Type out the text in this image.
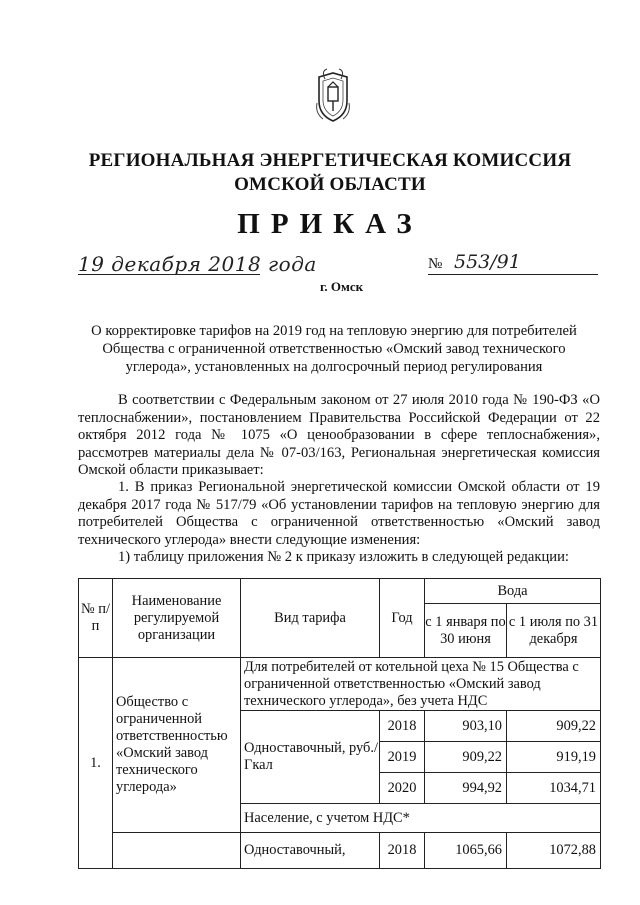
РЕГИОНАЛЬНАЯ ЭНЕРГЕТИЧЕСКАЯ КОМИССИЯ
ОМСКОЙ ОБЛАСТИ
ПРИКАЗ
19 декабря 2018 года
г. Омск
№ 553/91
О корректировке тарифов на 2019 год на тепловую энергию для потребителей Общества с ограниченной ответственностью «Омский завод технического углерода», установленных на долгосрочный период регулирования
В соответствии с Федеральным законом от 27 июля 2010 года № 190-ФЗ «О теплоснабжении», постановлением Правительства Российской Федерации от 22 октября 2012 года № 1075 «О ценообразовании в сфере теплоснабжения», рассмотрев материалы дела № 07-03/163, Региональная энергетическая комиссия Омской области приказывает:
1. В приказ Региональной энергетической комиссии Омской области от 19 декабря 2017 года № 517/79 «Об установлении тарифов на тепловую энергию для потребителей Общества с ограниченной ответственностью «Омский завод технического углерода» внести следующие изменения:
1) таблицу приложения № 2 к приказу изложить в следующей редакции:
№ п/п	Наименование регулируемой организации	Вид тарифа	Год	Вода	
				с 1 января по 30 июня	с 1 июля по 31 декабря
1.	Общество с ограниченной ответственностью «Омский завод технического углерода»	Для потребителей от котельной цеха № 15 Общества с ограниченной ответственностью «Омский завод технического углерода», без учета НДС			
		Одноставочный, руб./Гкал	2018	903,10	909,22
			2019	909,22	919,19
			2020	994,92	1034,71
		Население, с учетом НДС*			
		Одноставочный,	2018	1065,66	1072,88
